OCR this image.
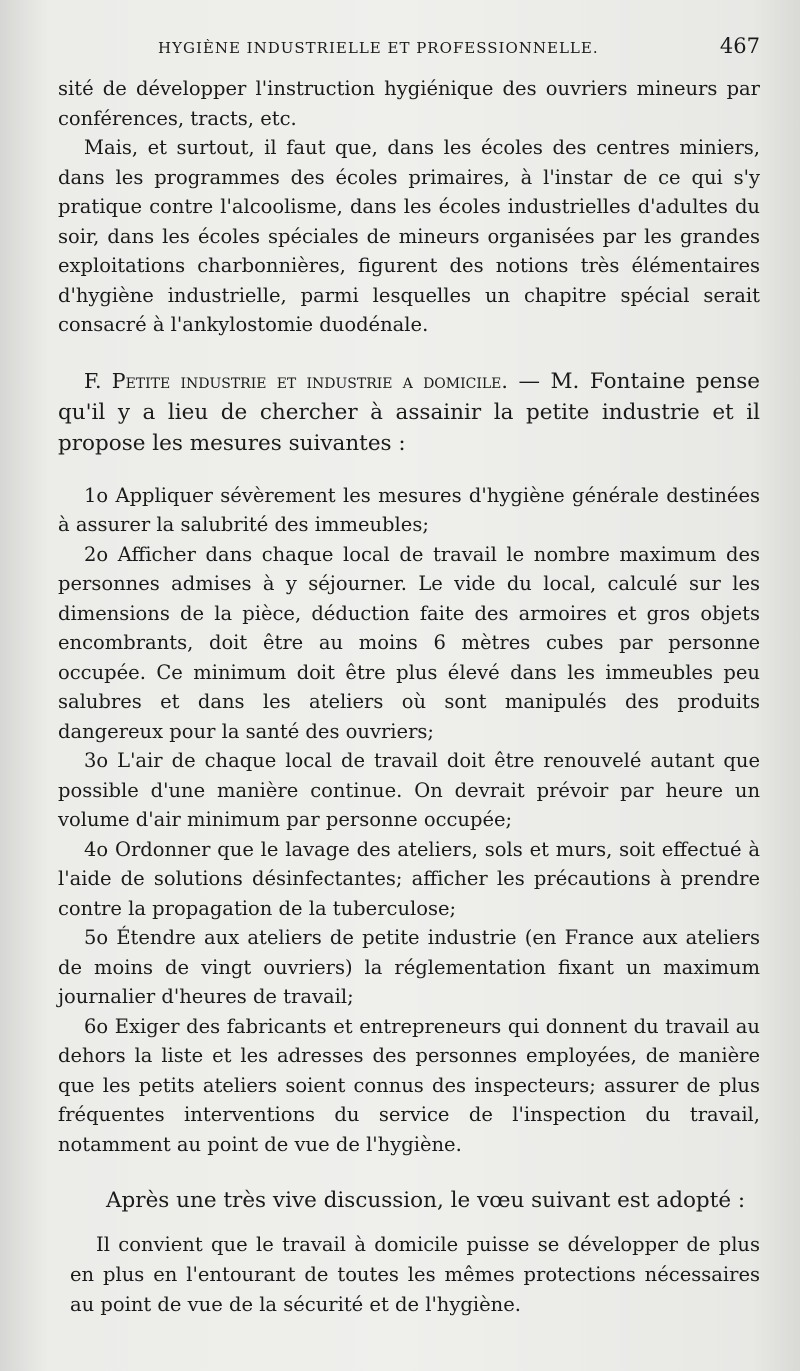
HYGIÈNE INDUSTRIELLE ET PROFESSIONNELLE.	467

sité de développer l'instruction hygiénique des ouvriers mineurs par conférences, tracts, etc.

Mais, et surtout, il faut que, dans les écoles des centres miniers, dans les programmes des écoles primaires, à l'instar de ce qui s'y pratique contre l'alcoolisme, dans les écoles industrielles d'adultes du soir, dans les écoles spéciales de mineurs organisées par les grandes exploitations charbonnières, figurent des notions très élémentaires d'hygiène industrielle, parmi lesquelles un chapitre spécial serait consacré à l'ankylostomie duodénale.

F. Petite industrie et industrie a domicile. — M. Fontaine pense qu'il y a lieu de chercher à assainir la petite industrie et il propose les mesures suivantes :

1o Appliquer sévèrement les mesures d'hygiène générale destinées à assurer la salubrité des immeubles;

2o Afficher dans chaque local de travail le nombre maximum des personnes admises à y séjourner. Le vide du local, calculé sur les dimensions de la pièce, déduction faite des armoires et gros objets encombrants, doit être au moins 6 mètres cubes par personne occupée. Ce minimum doit être plus élevé dans les immeubles peu salubres et dans les ateliers où sont manipulés des produits dangereux pour la santé des ouvriers;

3o L'air de chaque local de travail doit être renouvelé autant que possible d'une manière continue. On devrait prévoir par heure un volume d'air minimum par personne occupée;

4o Ordonner que le lavage des ateliers, sols et murs, soit effectué à l'aide de solutions désinfectantes; afficher les précautions à prendre contre la propagation de la tuberculose;

5o Étendre aux ateliers de petite industrie (en France aux ateliers de moins de vingt ouvriers) la réglementation fixant un maximum journalier d'heures de travail;

6o Exiger des fabricants et entrepreneurs qui donnent du travail au dehors la liste et les adresses des personnes employées, de manière que les petits ateliers soient connus des inspecteurs; assurer de plus fréquentes interventions du service de l'inspection du travail, notamment au point de vue de l'hygiène.

Après une très vive discussion, le vœu suivant est adopté :

Il convient que le travail à domicile puisse se développer de plus en plus en l'entourant de toutes les mêmes protections nécessaires au point de vue de la sécurité et de l'hygiène.
